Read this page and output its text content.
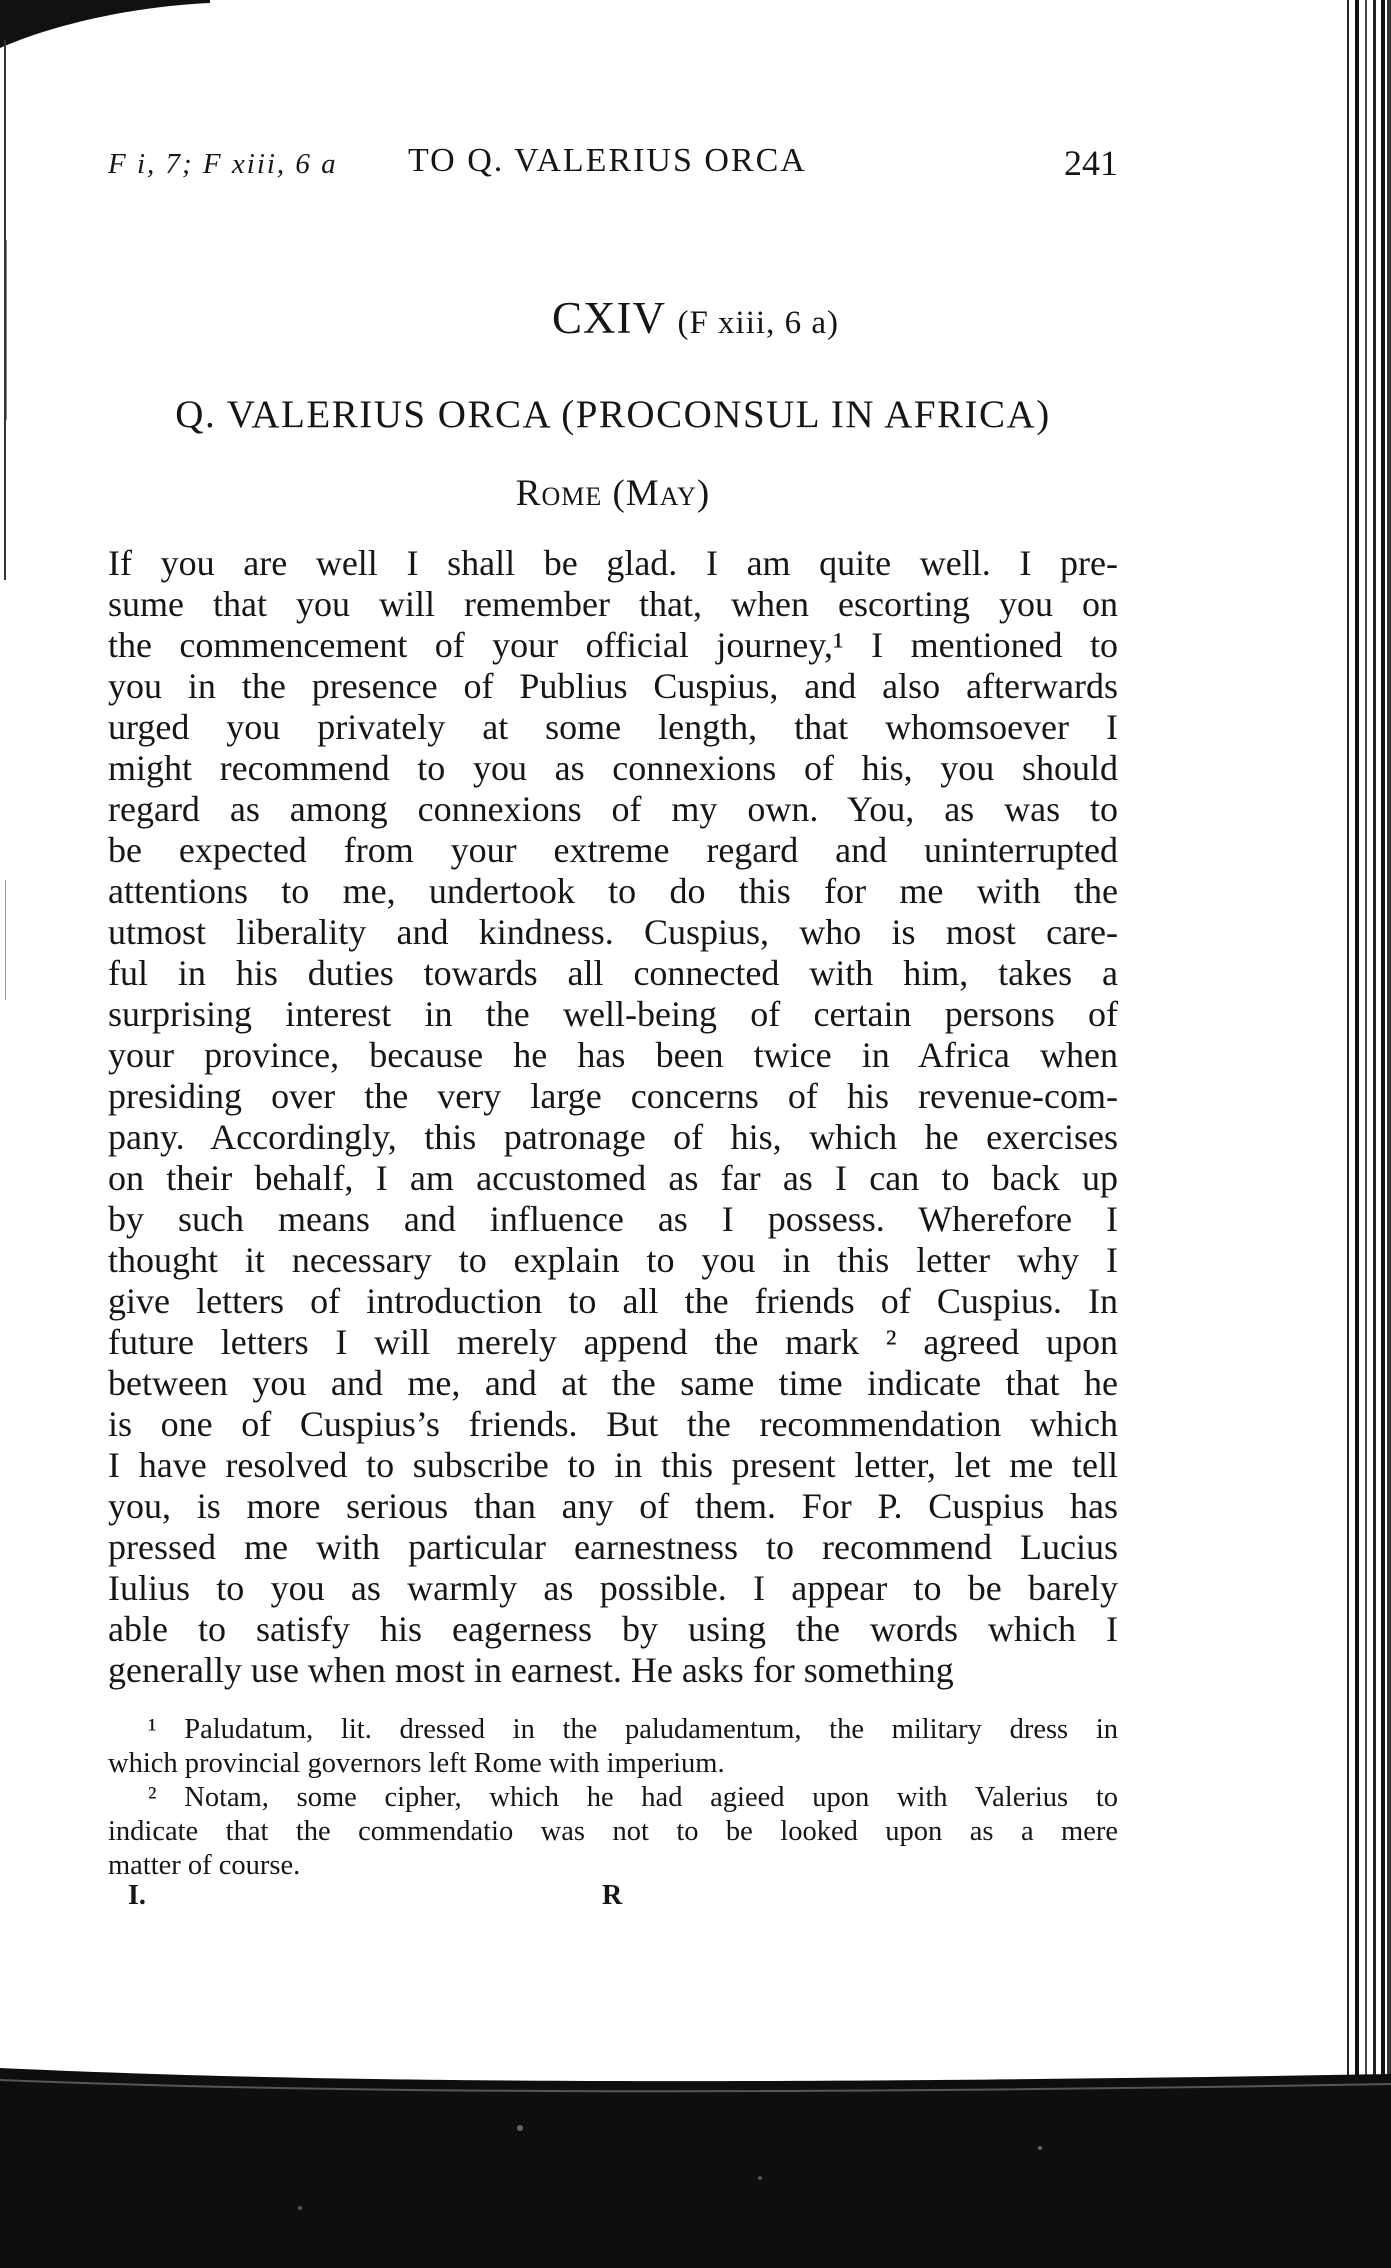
F i, 7; F xiii, 6 a TO Q. VALERIUS ORCA	241
CXIV (F xiii, 6 a)
Q. VALERIUS ORCA (PROCONSUL IN AFRICA)
Rome (May)
If you are well I shall be glad. I am quite well. I pre-
sume that you will remember that, when escorting you on
the commencement of your official journey,¹ I mentioned to
you in the presence of Publius Cuspius, and also afterwards
urged you privately at some length, that whomsoever I
might recommend to you as connexions of his, you should
regard as among connexions of my own. You, as was to
be expected from your extreme regard and uninterrupted
attentions to me, undertook to do this for me with the
utmost liberality and kindness. Cuspius, who is most care-
ful in his duties towards all connected with him, takes a
surprising interest in the well-being of certain persons of
your province, because he has been twice in Africa when
presiding over the very large concerns of his revenue-com-
pany. Accordingly, this patronage of his, which he exercises
on their behalf, I am accustomed as far as I can to back up
by such means and influence as I possess. Wherefore I
thought it necessary to explain to you in this letter why I
give letters of introduction to all the friends of Cuspius. In
future letters I will merely append the mark ² agreed upon
between you and me, and at the same time indicate that he
is one of Cuspius’s friends. But the recommendation which
I have resolved to subscribe to in this present letter, let me tell
you, is more serious than any of them. For P. Cuspius has
pressed me with particular earnestness to recommend Lucius
Iulius to you as warmly as possible. I appear to be barely
able to satisfy his eagerness by using the words which I
generally use when most in earnest. He asks for something
¹ Paludatum, lit. dressed in the paludamentum, the military dress in
which provincial governors left Rome with imperium.
² Notam, some cipher, which he had agieed upon with Valerius to
indicate that the commendatio was not to be looked upon as a mere
matter of course.
I.	R
